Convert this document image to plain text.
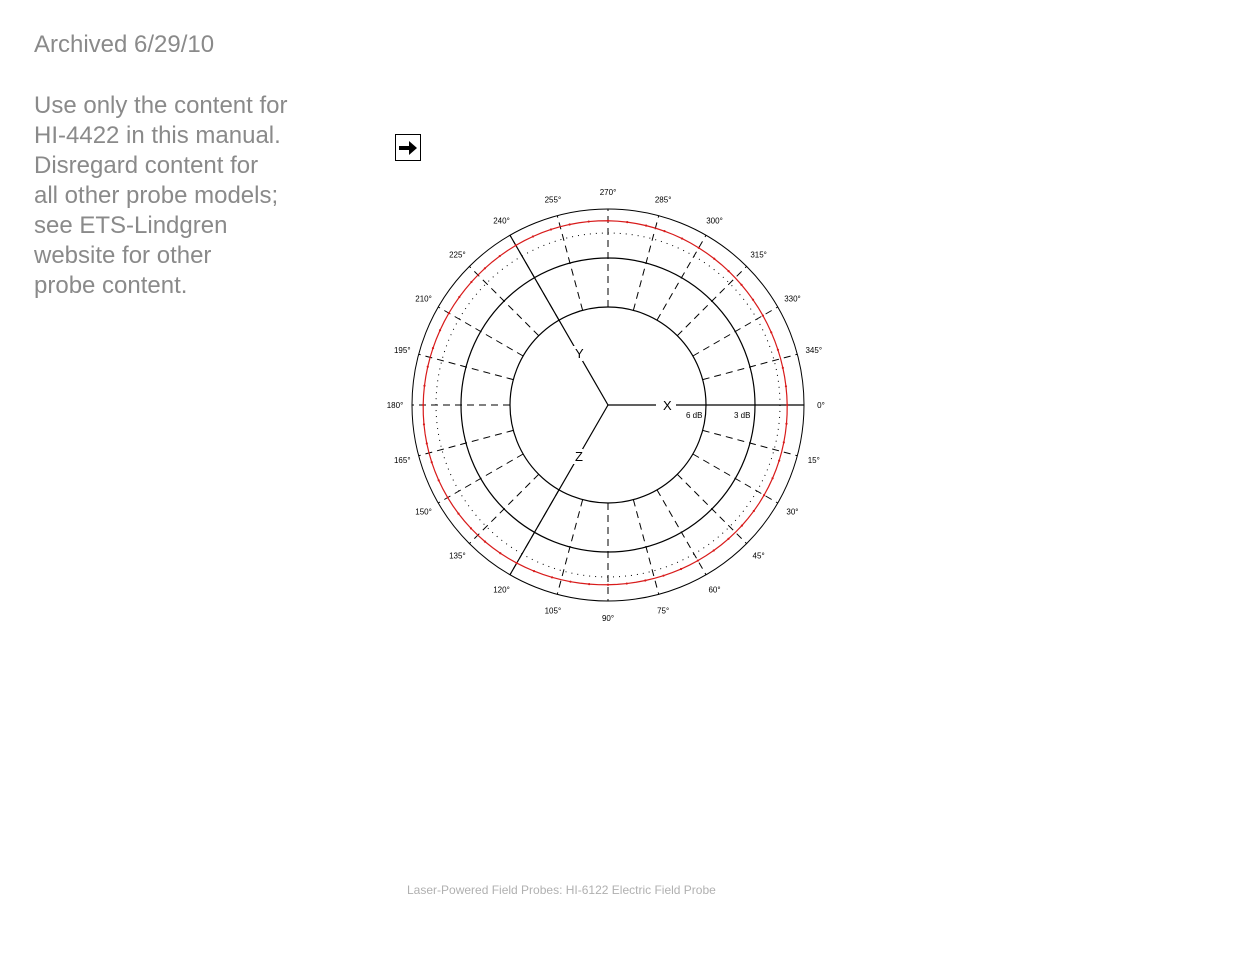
Archived 6/29/10
Use only the content for
HI-4422 in this manual.
Disregard content for
all other probe models;
see ETS-Lindgren
website for other
probe content.
X
Y
Z
6 dB	3 dB
0°
15°
30°
45°
60°
75°
90°
105°
120°
135°
150°
165°
180°
195°
210°
225°
240°
255°
270°
285°
300°
315°
330°
345°
Laser-Powered Field Probes: HI-6122 Electric Field Probe
